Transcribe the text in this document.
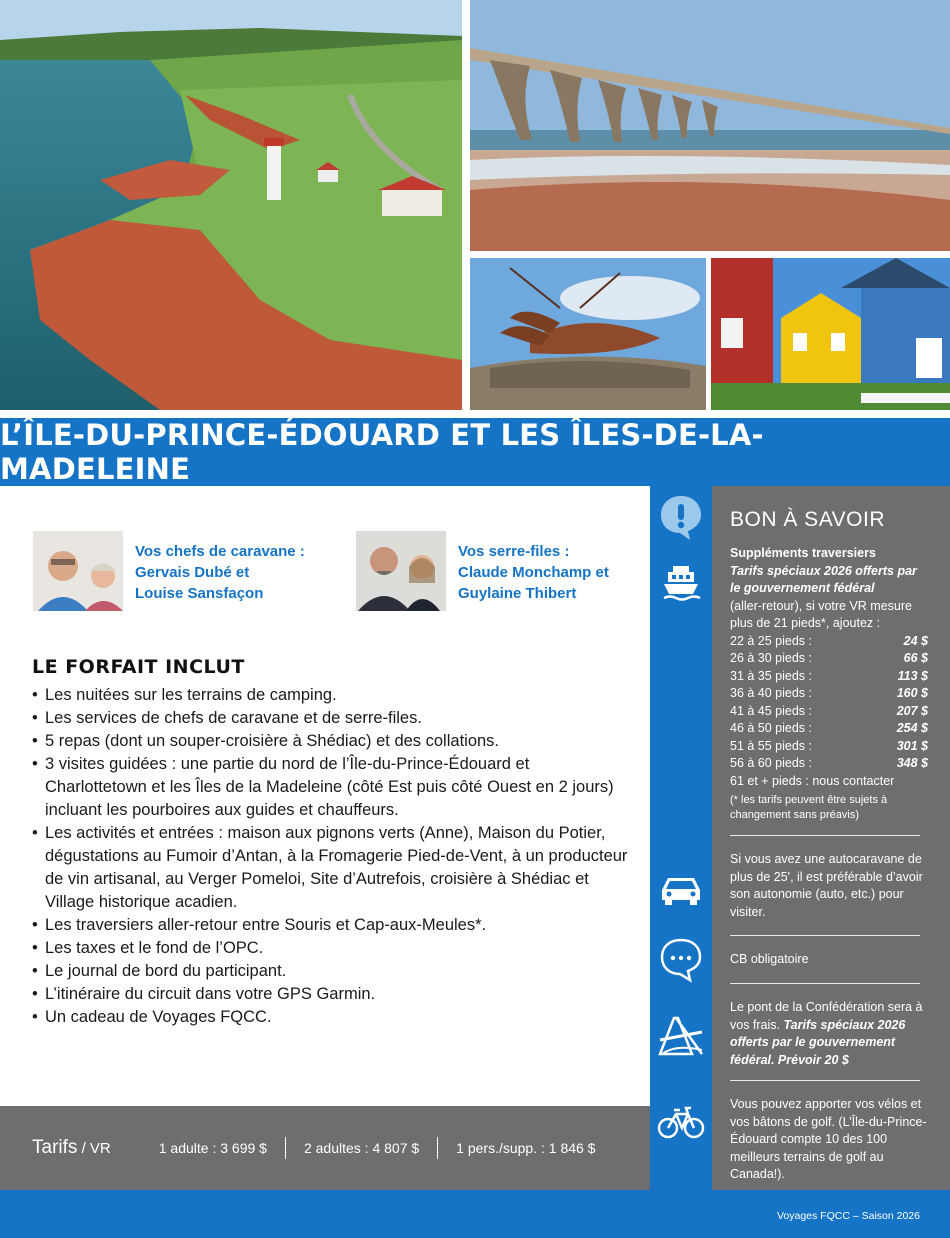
L’ÎLE-DU-PRINCE-ÉDOUARD ET LES ÎLES-DE-LA-MADELEINE
Vos chefs de caravane :
Gervais Dubé et
Louise Sansfaçon
Vos serre-files :
Claude Monchamp et
Guylaine Thibert
LE FORFAIT INCLUT
• Les nuitées sur les terrains de camping.
• Les services de chefs de caravane et de serre-files.
• 5 repas (dont un souper-croisière à Shédiac) et des collations.
• 3 visites guidées : une partie du nord de l’Île-du-Prince-Édouard et Charlottetown et les Îles de la Madeleine (côté Est puis côté Ouest en 2 jours) incluant les pourboires aux guides et chauffeurs.
• Les activités et entrées : maison aux pignons verts (Anne), Maison du Potier, dégustations au Fumoir d’Antan, à la Fromagerie Pied-de-Vent, à un producteur de vin artisanal, au Verger Pomeloi, Site d’Autrefois, croisière à Shédiac et Village historique acadien.
• Les traversiers aller-retour entre Souris et Cap-aux-Meules*.
• Les taxes et le fond de l’OPC.
• Le journal de bord du participant.
• L’itinéraire du circuit dans votre GPS Garmin.
• Un cadeau de Voyages FQCC.
Tarifs / VR	1 adulte : 3 699 $	2 adultes : 4 807 $	1 pers./supp. : 1 846 $
BON À SAVOIR
Suppléments traversiers
Tarifs spéciaux 2026 offerts par le gouvernement fédéral
(aller-retour), si votre VR mesure plus de 21 pieds*, ajoutez :
22 à 25 pieds :	24 $
26 à 30 pieds :	66 $
31 à 35 pieds :	113 $
36 à 40 pieds :	160 $
41 à 45 pieds :	207 $
46 à 50 pieds :	254 $
51 à 55 pieds :	301 $
56 à 60 pieds :	348 $
61 et + pieds : nous contacter
(* les tarifs peuvent être sujets à changement sans préavis)
Si vous avez une autocaravane de plus de 25', il est préférable d’avoir son autonomie (auto, etc.) pour visiter.
CB obligatoire
Le pont de la Confédération sera à vos frais. Tarifs spéciaux 2026 offerts par le gouvernement fédéral. Prévoir 20 $
Vous pouvez apporter vos vélos et vos bâtons de golf. (L’Île-du-Prince-Édouard compte 10 des 100 meilleurs terrains de golf au Canada!).
Voyages FQCC – Saison 2026
